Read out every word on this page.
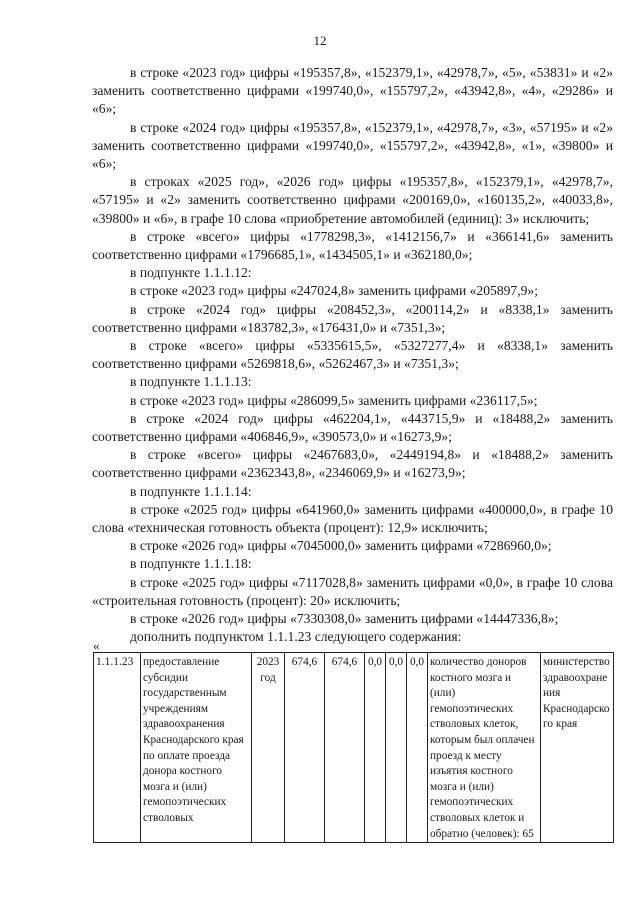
12

в строке «2023 год» цифры «195357,8», «152379,1», «42978,7», «5», «53831» и «2» заменить соответственно цифрами «199740,0», «155797,2», «43942,8», «4», «29286» и «6»;

в строке «2024 год» цифры «195357,8», «152379,1», «42978,7», «3», «57195» и «2» заменить соответственно цифрами «199740,0», «155797,2», «43942,8», «1», «39800» и «6»;

в строках «2025 год», «2026 год» цифры «195357,8», «152379,1», «42978,7», «57195» и «2» заменить соответственно цифрами «200169,0», «160135,2», «40033,8», «39800» и «6», в графе 10 слова «приобретение автомобилей (единиц): 3» исключить;

в строке «всего» цифры «1778298,3», «1412156,7» и «366141,6» заменить соответственно цифрами «1796685,1», «1434505,1» и «362180,0»;

в подпункте 1.1.1.12:

в строке «2023 год» цифры «247024,8» заменить цифрами «205897,9»;

в строке «2024 год» цифры «208452,3», «200114,2» и «8338,1» заменить соответственно цифрами «183782,3», «176431,0» и «7351,3»;

в строке «всего» цифры «5335615,5», «5327277,4» и «8338,1» заменить соответственно цифрами «5269818,6», «5262467,3» и «7351,3»;

в подпункте 1.1.1.13:

в строке «2023 год» цифры «286099,5» заменить цифрами «236117,5»;

в строке «2024 год» цифры «462204,1», «443715,9» и «18488,2» заменить соответственно цифрами «406846,9», «390573,0» и «16273,9»;

в строке «всего» цифры «2467683,0», «2449194,8» и «18488,2» заменить соответственно цифрами «2362343,8», «2346069,9» и «16273,9»;

в подпункте 1.1.1.14:

в строке «2025 год» цифры «641960,0» заменить цифрами «400000,0», в графе 10 слова «техническая готовность объекта (процент): 12,9» исключить;

в строке «2026 год» цифры «7045000,0» заменить цифрами «7286960,0»;

в подпункте 1.1.1.18:

в строке «2025 год» цифры «7117028,8» заменить цифрами «0,0», в графе 10 слова «строительная готовность (процент): 20» исключить;

в строке «2026 год» цифры «7330308,0» заменить цифрами «14447336,8»;

дополнить подпунктом 1.1.1.23 следующего содержания:

«
1.1.1.23	предоставление субсидии государственным учреждениям здравоохранения Краснодарского края по оплате проезда донора костного мозга и (или) гемопоэтических стволовых	2023 год	674,6	674,6	0,0	0,0	0,0	количество доноров костного мозга и (или) гемопоэтических стволовых клеток, которым был оплачен проезд к месту изъятия костного мозга и (или) гемопоэтических стволовых клеток и обратно (человек): 65	министерство здравоохранения Краснодарского края
